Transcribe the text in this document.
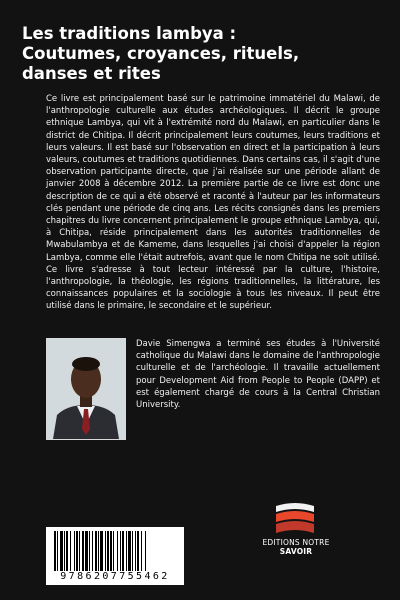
Les traditions lambya :
Coutumes, croyances, rituels,
danses et rites

Ce livre est principalement basé sur le patrimoine immatériel du Malawi, de l'anthropologie culturelle aux études archéologiques. Il décrit le groupe ethnique Lambya, qui vit à l'extrémité nord du Malawi, en particulier dans le district de Chitipa. Il décrit principalement leurs coutumes, leurs traditions et leurs valeurs. Il est basé sur l'observation en direct et la participation à leurs valeurs, coutumes et traditions quotidiennes. Dans certains cas, il s'agit d'une observation participante directe, que j'ai réalisée sur une période allant de janvier 2008 à décembre 2012. La première partie de ce livre est donc une description de ce qui a été observé et raconté à l'auteur par les informateurs clés pendant une période de cinq ans. Les récits consignés dans les premiers chapitres du livre concernent principalement le groupe ethnique Lambya, qui, à Chitipa, réside principalement dans les autorités traditionnelles de Mwabulambya et de Kameme, dans lesquelles j'ai choisi d'appeler la région Lambya, comme elle l'était autrefois, avant que le nom Chitipa ne soit utilisé. Ce livre s'adresse à tout lecteur intéressé par la culture, l'histoire, l'anthropologie, la théologie, les régions traditionnelles, la littérature, les connaissances populaires et la sociologie à tous les niveaux. Il peut être utilisé dans le primaire, le secondaire et le supérieur.

Davie Simengwa a terminé ses études à l'Université catholique du Malawi dans le domaine de l'anthropologie culturelle et de l'archéologie. Il travaille actuellement pour Development Aid from People to People (DAPP) et est également chargé de cours à la Central Christian University.

EDITIONS NOTRE SAVOIR
9786207755462
